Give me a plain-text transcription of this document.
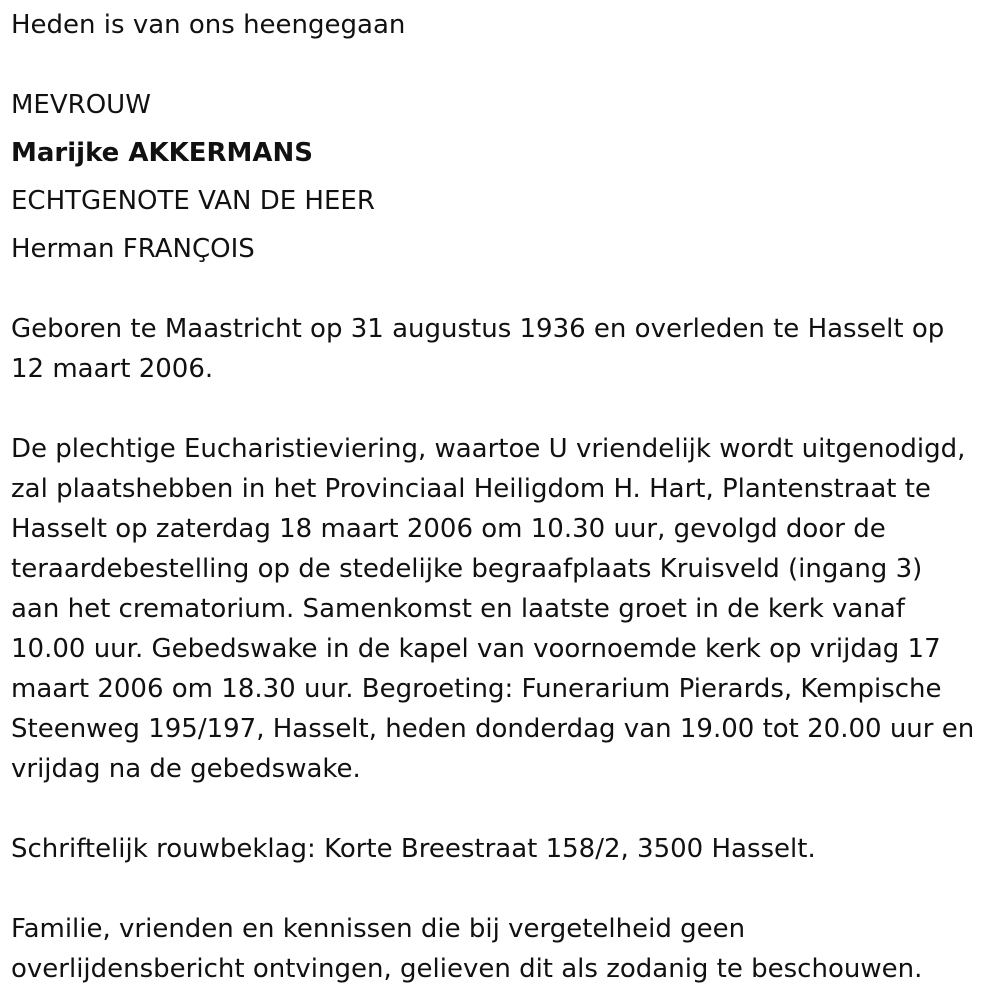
Heden is van ons heengegaan
MEVROUW
Marijke AKKERMANS
ECHTGENOTE VAN DE HEER
Herman FRANÇOIS
Geboren te Maastricht op 31 augustus 1936 en overleden te Hasselt op
12 maart 2006.
De plechtige Eucharistieviering, waartoe U vriendelijk wordt uitgenodigd,
zal plaatshebben in het Provinciaal Heiligdom H. Hart, Plantenstraat te
Hasselt op zaterdag 18 maart 2006 om 10.30 uur, gevolgd door de
teraardebestelling op de stedelijke begraafplaats Kruisveld (ingang 3)
aan het crematorium. Samenkomst en laatste groet in de kerk vanaf
10.00 uur. Gebedswake in de kapel van voornoemde kerk op vrijdag 17
maart 2006 om 18.30 uur. Begroeting: Funerarium Pierards, Kempische
Steenweg 195/197, Hasselt, heden donderdag van 19.00 tot 20.00 uur en
vrijdag na de gebedswake.
Schriftelijk rouwbeklag: Korte Breestraat 158/2, 3500 Hasselt.
Familie, vrienden en kennissen die bij vergetelheid geen
overlijdensbericht ontvingen, gelieven dit als zodanig te beschouwen.
